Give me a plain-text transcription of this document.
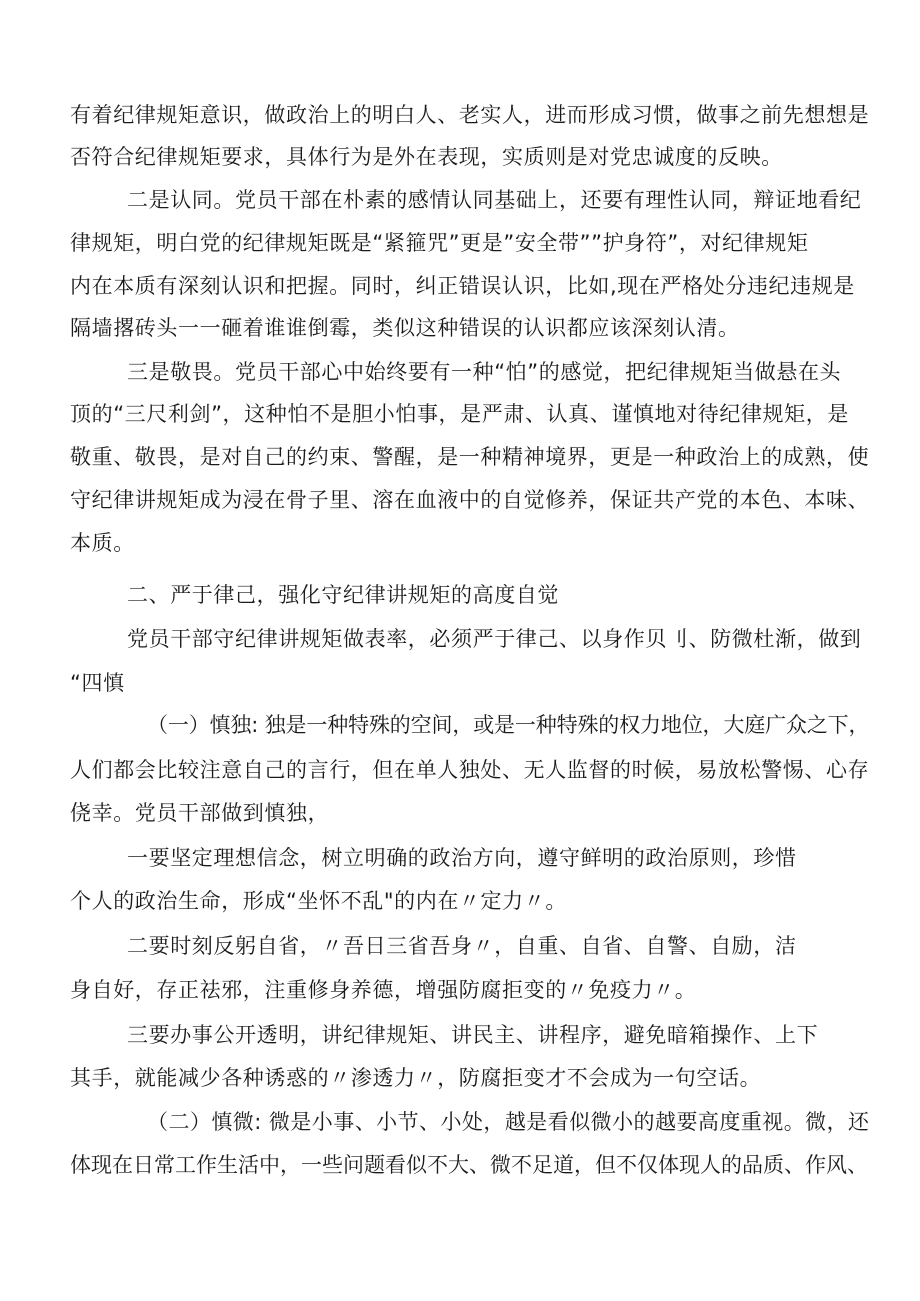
有着纪律规矩意识，做政治上的明白人、老实人，进而形成习惯，做事之前先想想是
否符合纪律规矩要求，具体行为是外在表现，实质则是对党忠诚度的反映。
二是认同。党员干部在朴素的感情认同基础上，还要有理性认同，辩证地看纪
律规矩，明白党的纪律规矩既是“紧箍咒”更是”安全带””护身符”，对纪律规矩
内在本质有深刻认识和把握。同时，纠正错误认识，比如,现在严格处分违纪违规是
隔墙撂砖头一一砸着谁谁倒霉，类似这种错误的认识都应该深刻认清。
三是敬畏。党员干部心中始终要有一种“怕”的感觉，把纪律规矩当做悬在头
顶的“三尺利剑”，这种怕不是胆小怕事，是严肃、认真、谨慎地对待纪律规矩，是
敬重、敬畏，是对自己的约束、警醒，是一种精神境界，更是一种政治上的成熟，使
守纪律讲规矩成为浸在骨子里、溶在血液中的自觉修养，保证共产党的本色、本味、
本质。
二、严于律己，强化守纪律讲规矩的高度自觉
党员干部守纪律讲规矩做表率，必须严于律己、以身作贝刂、防微杜渐，做到
“四慎
（一）慎独: 独是一种特殊的空间，或是一种特殊的权力地位，大庭广众之下，
人们都会比较注意自己的言行，但在单人独处、无人监督的时候，易放松警惕、心存
侥幸。党员干部做到慎独，
一要坚定理想信念，树立明确的政治方向，遵守鲜明的政治原则，珍惜
个人的政治生命，形成“坐怀不乱"的内在〃定力〃。
二要时刻反躬自省，〃吾日三省吾身〃，自重、自省、自警、自励，洁
身自好，存正祛邪，注重修身养德，增强防腐拒变的〃免疫力〃。
三要办事公开透明，讲纪律规矩、讲民主、讲程序，避免暗箱操作、上下
其手，就能减少各种诱惑的〃渗透力〃，防腐拒变才不会成为一句空话。
（二）慎微: 微是小事、小节、小处，越是看似微小的越要高度重视。微，还
体现在日常工作生活中，一些问题看似不大、微不足道，但不仅体现人的品质、作风、
